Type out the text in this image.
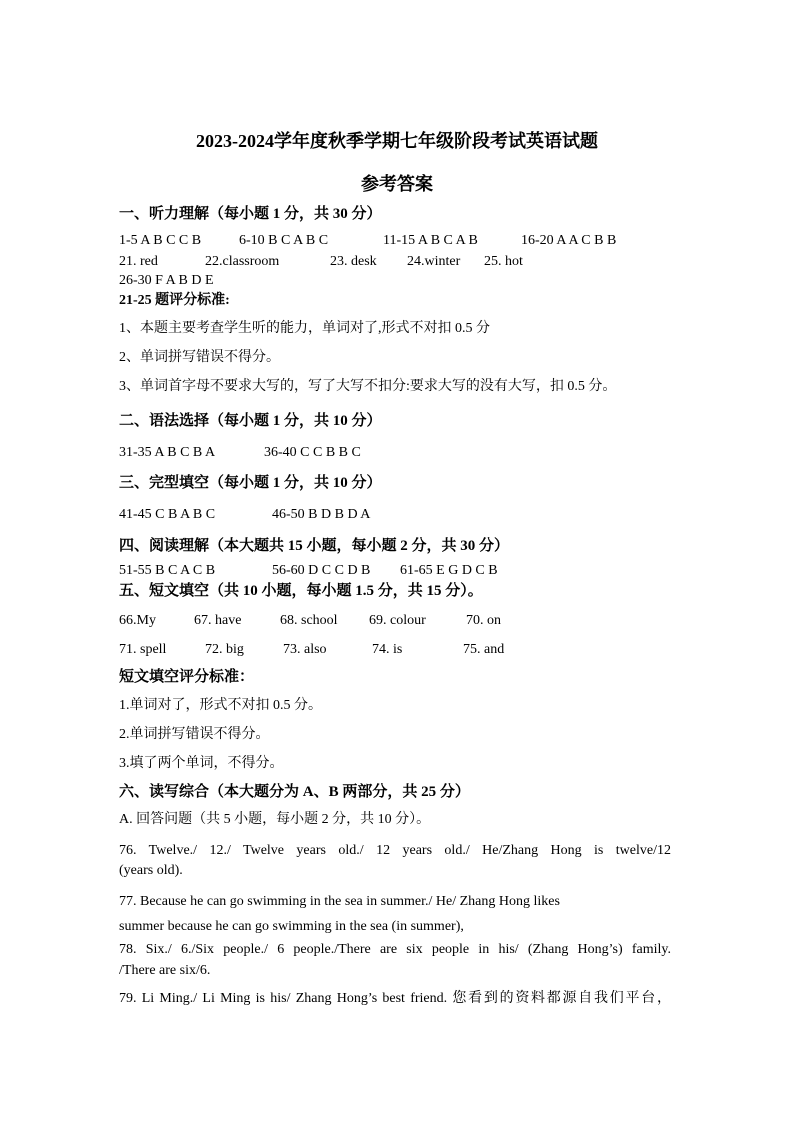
2023-2024学年度秋季学期七年级阶段考试英语试题
参考答案
一、听力理解（每小题 1 分，共 30 分）
1-5 A B C C B	6-10 B C A B C	11-15 A B C A B	16-20 A A C B B
21. red	22.classroom	23. desk 24.winter 25. hot
26-30 F A B D E
21-25 题评分标准:
1、本题主要考查学生听的能力，单词对了,形式不对扣 0.5 分
2、单词拼写错误不得分。
3、单词首字母不要求大写的，写了大写不扣分:要求大写的没有大写，扣 0.5 分。
二、语法选择（每小题 1 分，共 10 分）
31-35 A B C B A	36-40 C C B B C
三、完型填空（每小题 1 分，共 10 分）
41-45 C B A B C	46-50 B D B D A
四、阅读理解（本大题共 15 小题，每小题 2 分，共 30 分）
51-55 B C A C B	56-60 D C C D B 61-65 E G D C B
五、短文填空（共 10 小题，每小题 1.5 分，共 15 分）。
66.My	67. have	68. school 69. colour	70. on
71. spell	72. big	73. also	74. is	75. and
短文填空评分标准：
1.单词对了，形式不对扣 0.5 分。
2.单词拼写错误不得分。
3.填了两个单词，不得分。
六、读写综合（本大题分为 A、B 两部分，共 25 分）
A. 回答问题（共 5 小题，每小题 2 分，共 10 分）。
76. Twelve./ 12./ Twelve years old./ 12 years old./ He/Zhang Hong is twelve/12
(years old).
77. Because he can go swimming in the sea in summer./ He/ Zhang Hong likes
summer because he can go swimming in the sea (in summer),
78. Six./ 6./Six people./ 6 people./There are six people in his/ (Zhang Hong’s) family.
/There are six/6.
79. Li Ming./ Li Ming is his/ Zhang Hong’s best friend. 您看到的资料都源自我们平台，
